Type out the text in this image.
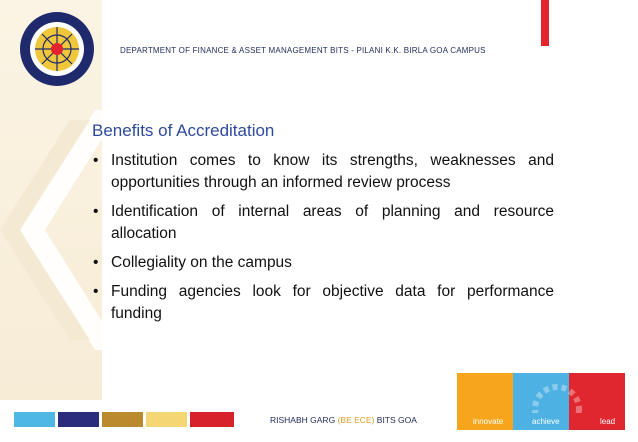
DEPARTMENT OF FINANCE & ASSET MANAGEMENT BITS - PILANI K.K. BIRLA GOA CAMPUS
Benefits of Accreditation
• Institution comes to know its strengths, weaknesses and opportunities through an informed review process
• Identification of internal areas of planning and resource allocation
• Collegiality on the campus
• Funding agencies look for objective data for performance funding
RISHABH GARG (BE ECE) BITS GOA	innovate	achieve	lead
